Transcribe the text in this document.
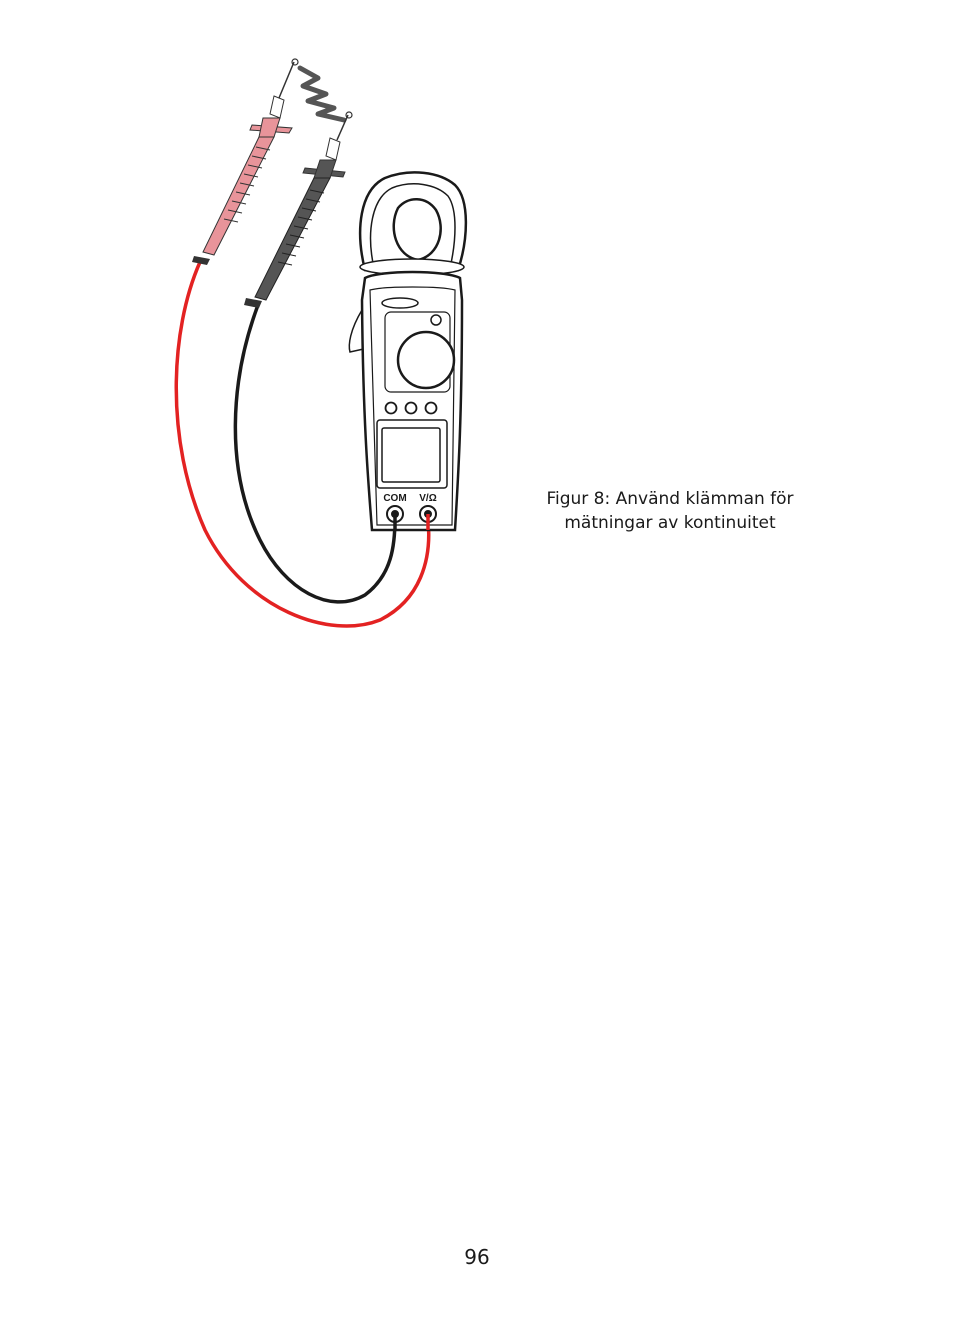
COM V/Ω	Figur 8: Använd klämman för
mätningar av kontinuitet
96
